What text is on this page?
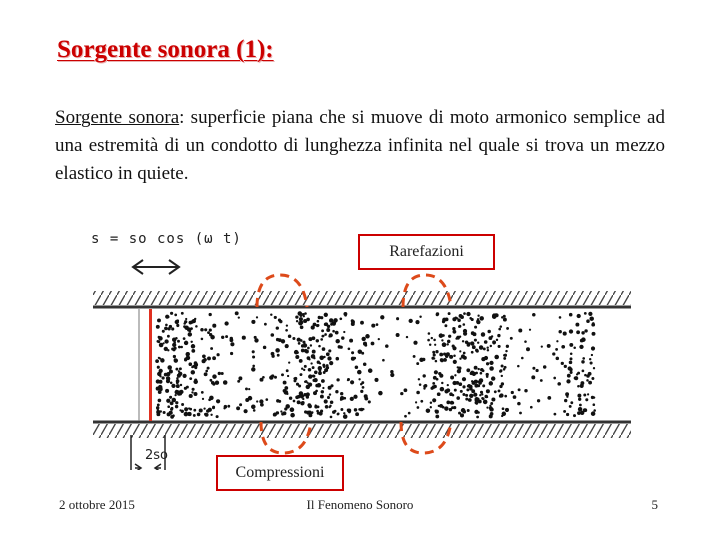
Sorgente sonora (1):
Sorgente sonora: superficie piana che si muove di moto armonico semplice ad una estremità di un condotto di lunghezza infinita nel quale si trova un mezzo elastico in quiete.
2so
s = so cos (ω t)
Rarefazioni
Compressioni
2 ottobre 2015	Il Fenomeno Sonoro	5
